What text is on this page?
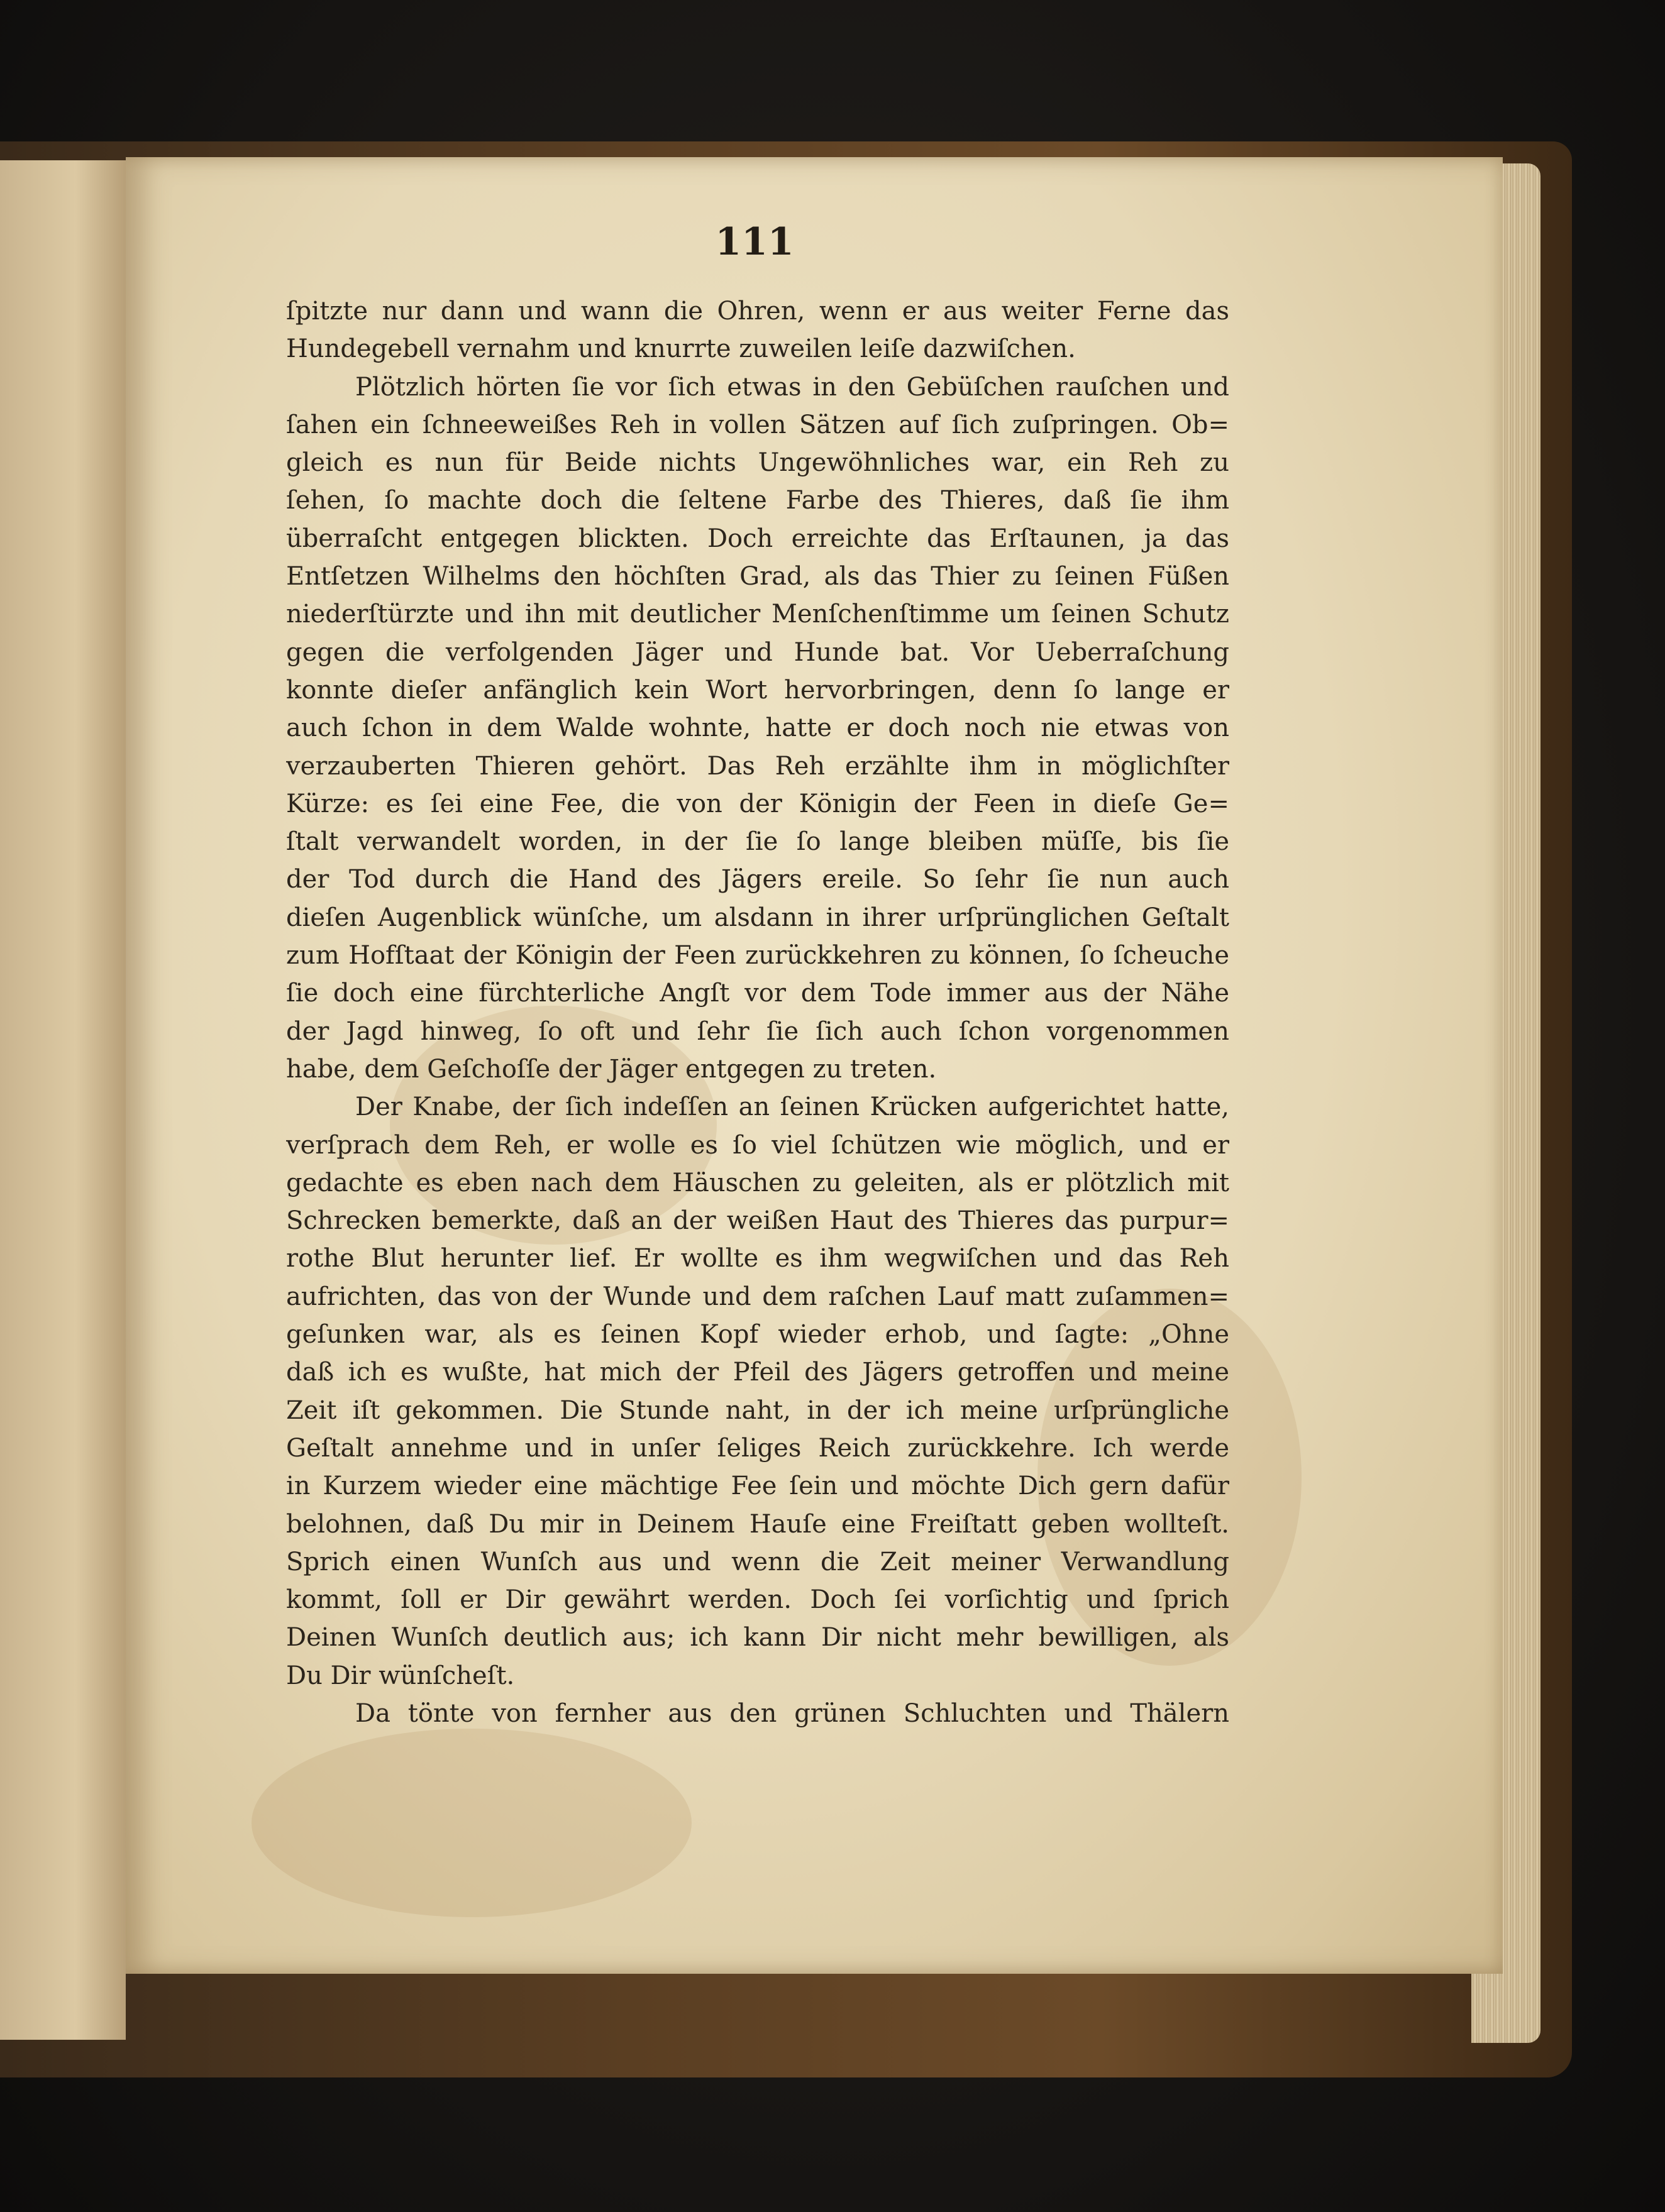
111
ſpitzte nur dann und wann die Ohren, wenn er aus weiter Ferne das
Hundegebell vernahm und knurrte zuweilen leiſe dazwiſchen.
Plötzlich hörten ſie vor ſich etwas in den Gebüſchen rauſchen und
ſahen ein ſchneeweißes Reh in vollen Sätzen auf ſich zuſpringen. Ob=
gleich es nun für Beide nichts Ungewöhnliches war, ein Reh zu
ſehen, ſo machte doch die ſeltene Farbe des Thieres, daß ſie ihm
überraſcht entgegen blickten. Doch erreichte das Erſtaunen, ja das
Entſetzen Wilhelms den höchſten Grad, als das Thier zu ſeinen Füßen
niederſtürzte und ihn mit deutlicher Menſchenſtimme um ſeinen Schutz
gegen die verfolgenden Jäger und Hunde bat. Vor Ueberraſchung
konnte dieſer anfänglich kein Wort hervorbringen, denn ſo lange er
auch ſchon in dem Walde wohnte, hatte er doch noch nie etwas von
verzauberten Thieren gehört. Das Reh erzählte ihm in möglichſter
Kürze: es ſei eine Fee, die von der Königin der Feen in dieſe Ge=
ſtalt verwandelt worden, in der ſie ſo lange bleiben müſſe, bis ſie
der Tod durch die Hand des Jägers ereile. So ſehr ſie nun auch
dieſen Augenblick wünſche, um alsdann in ihrer urſprünglichen Geſtalt
zum Hofſtaat der Königin der Feen zurückkehren zu können, ſo ſcheuche
ſie doch eine fürchterliche Angſt vor dem Tode immer aus der Nähe
der Jagd hinweg, ſo oft und ſehr ſie ſich auch ſchon vorgenommen
habe, dem Geſchoſſe der Jäger entgegen zu treten.
Der Knabe, der ſich indeſſen an ſeinen Krücken aufgerichtet hatte,
verſprach dem Reh, er wolle es ſo viel ſchützen wie möglich, und er
gedachte es eben nach dem Häuschen zu geleiten, als er plötzlich mit
Schrecken bemerkte, daß an der weißen Haut des Thieres das purpur=
rothe Blut herunter lief. Er wollte es ihm wegwiſchen und das Reh
aufrichten, das von der Wunde und dem raſchen Lauf matt zuſammen=
geſunken war, als es ſeinen Kopf wieder erhob, und ſagte: „Ohne
daß ich es wußte, hat mich der Pfeil des Jägers getroffen und meine
Zeit iſt gekommen. Die Stunde naht, in der ich meine urſprüngliche
Geſtalt annehme und in unſer ſeliges Reich zurückkehre. Ich werde
in Kurzem wieder eine mächtige Fee ſein und möchte Dich gern dafür
belohnen, daß Du mir in Deinem Hauſe eine Freiſtatt geben wollteſt.
Sprich einen Wunſch aus und wenn die Zeit meiner Verwandlung
kommt, ſoll er Dir gewährt werden. Doch ſei vorſichtig und ſprich
Deinen Wunſch deutlich aus; ich kann Dir nicht mehr bewilligen, als
Du Dir wünſcheſt.
Da tönte von fernher aus den grünen Schluchten und Thälern
